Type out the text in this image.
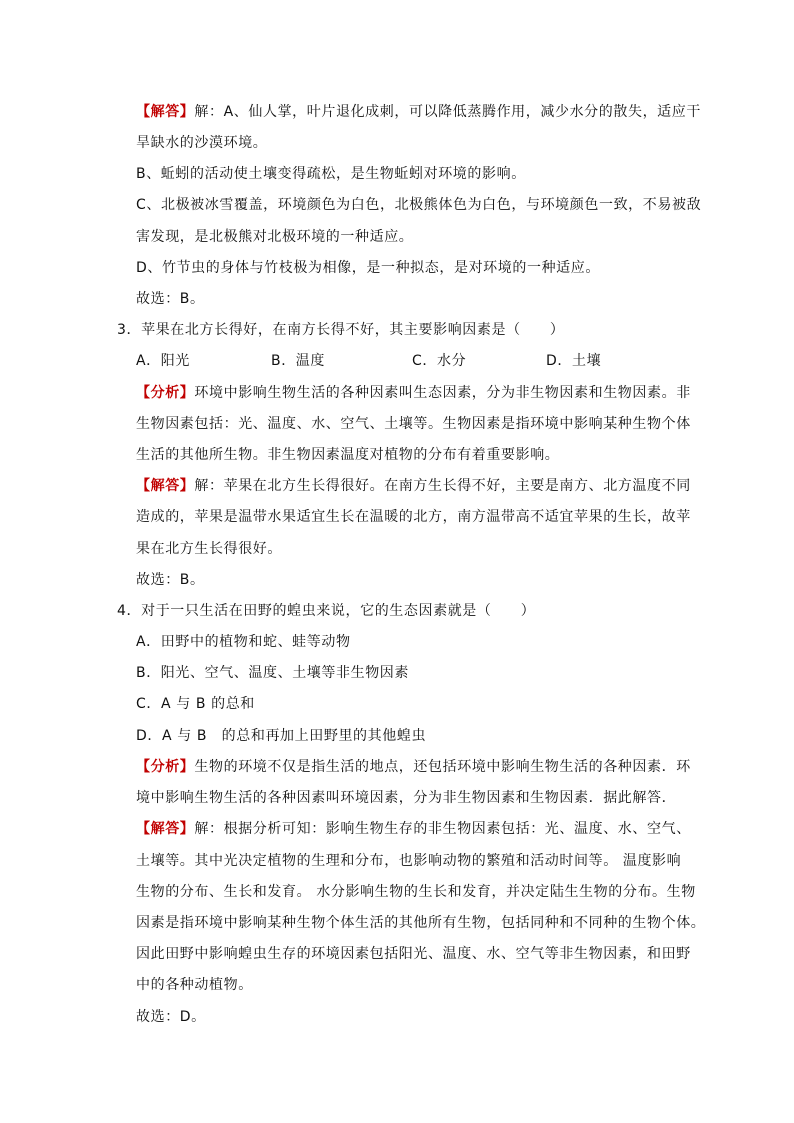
【解答】解：A、仙人掌，叶片退化成刺，可以降低蒸腾作用，减少水分的散失，适应干
旱缺水的沙漠环境。
B、蚯蚓的活动使土壤变得疏松，是生物蚯蚓对环境的影响。
C、北极被冰雪覆盖，环境颜色为白色，北极熊体色为白色，与环境颜色一致，不易被敌
害发现，是北极熊对北极环境的一种适应。
D、竹节虫的身体与竹枝极为相像，是一种拟态，是对环境的一种适应。
故选：B。
3．苹果在北方长得好，在南方长得不好，其主要影响因素是（　　）
A．阳光	B．温度	C．水分	D．土壤
【分析】环境中影响生物生活的各种因素叫生态因素，分为非生物因素和生物因素。非
生物因素包括：光、温度、水、空气、土壤等。生物因素是指环境中影响某种生物个体
生活的其他所生物。非生物因素温度对植物的分布有着重要影响。
【解答】解：苹果在北方生长得很好。在南方生长得不好，主要是南方、北方温度不同
造成的，苹果是温带水果适宜生长在温暖的北方，南方温带高不适宜苹果的生长，故苹
果在北方生长得很好。
故选：B。
4．对于一只生活在田野的蝗虫来说，它的生态因素就是（　　）
A．田野中的植物和蛇、蛙等动物
B．阳光、空气、温度、土壤等非生物因素
C．A 与 B 的总和
D．A 与 B　的总和再加上田野里的其他蝗虫
【分析】生物的环境不仅是指生活的地点，还包括环境中影响生物生活的各种因素．环
境中影响生物生活的各种因素叫环境因素，分为非生物因素和生物因素．据此解答．
【解答】解：根据分析可知：影响生物生存的非生物因素包括：光、温度、水、空气、
土壤等。其中光决定植物的生理和分布，也影响动物的繁殖和活动时间等。 温度影响
生物的分布、生长和发育。 水分影响生物的生长和发育，并决定陆生生物的分布。生物
因素是指环境中影响某种生物个体生活的其他所有生物，包括同种和不同种的生物个体。
因此田野中影响蝗虫生存的环境因素包括阳光、温度、水、空气等非生物因素，和田野
中的各种动植物。
故选：D。
